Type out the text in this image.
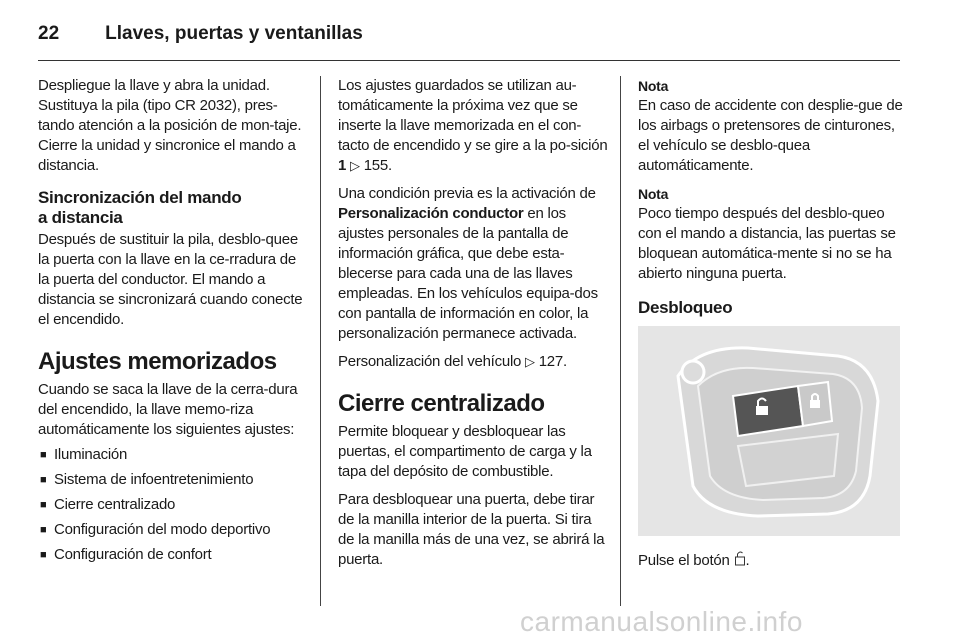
22 Llaves, puertas y ventanillas

Despliegue la llave y abra la unidad. Sustituya la pila (tipo CR 2032), pres-tando atención a la posición de mon-taje. Cierre la unidad y sincronice el mando a distancia.

Sincronización del mando
a distancia

Después de sustituir la pila, desblo-quee la puerta con la llave en la ce-rradura de la puerta del conductor. El mando a distancia se sincronizará cuando conecte el encendido.

Ajustes memorizados

Cuando se saca la llave de la cerra-dura del encendido, la llave memo-riza automáticamente los siguientes ajustes:

■ Iluminación
■ Sistema de infoentretenimiento
■ Cierre centralizado
■ Configuración del modo deportivo
■ Configuración de confort

Los ajustes guardados se utilizan au-tomáticamente la próxima vez que se inserte la llave memorizada en el con-tacto de encendido y se gire a la po-sición 1 ▷ 155.

Una condición previa es la activación de Personalización conductor en los ajustes personales de la pantalla de información gráfica, que debe esta-blecerse para cada una de las llaves empleadas. En los vehículos equipa-dos con pantalla de información en color, la personalización permanece activada.

Personalización del vehículo ▷ 127.

Cierre centralizado

Permite bloquear y desbloquear las puertas, el compartimento de carga y la tapa del depósito de combustible.

Para desbloquear una puerta, debe tirar de la manilla interior de la puerta. Si tira de la manilla más de una vez, se abrirá la puerta.

Nota

En caso de accidente con desplie-gue de los airbags o pretensores de cinturones, el vehículo se desblo-quea automáticamente.

Nota

Poco tiempo después del desblo-queo con el mando a distancia, las puertas se bloquean automática-mente si no se ha abierto ninguna puerta.

Desbloqueo

Pulse el botón .

carmanualsonline.info
